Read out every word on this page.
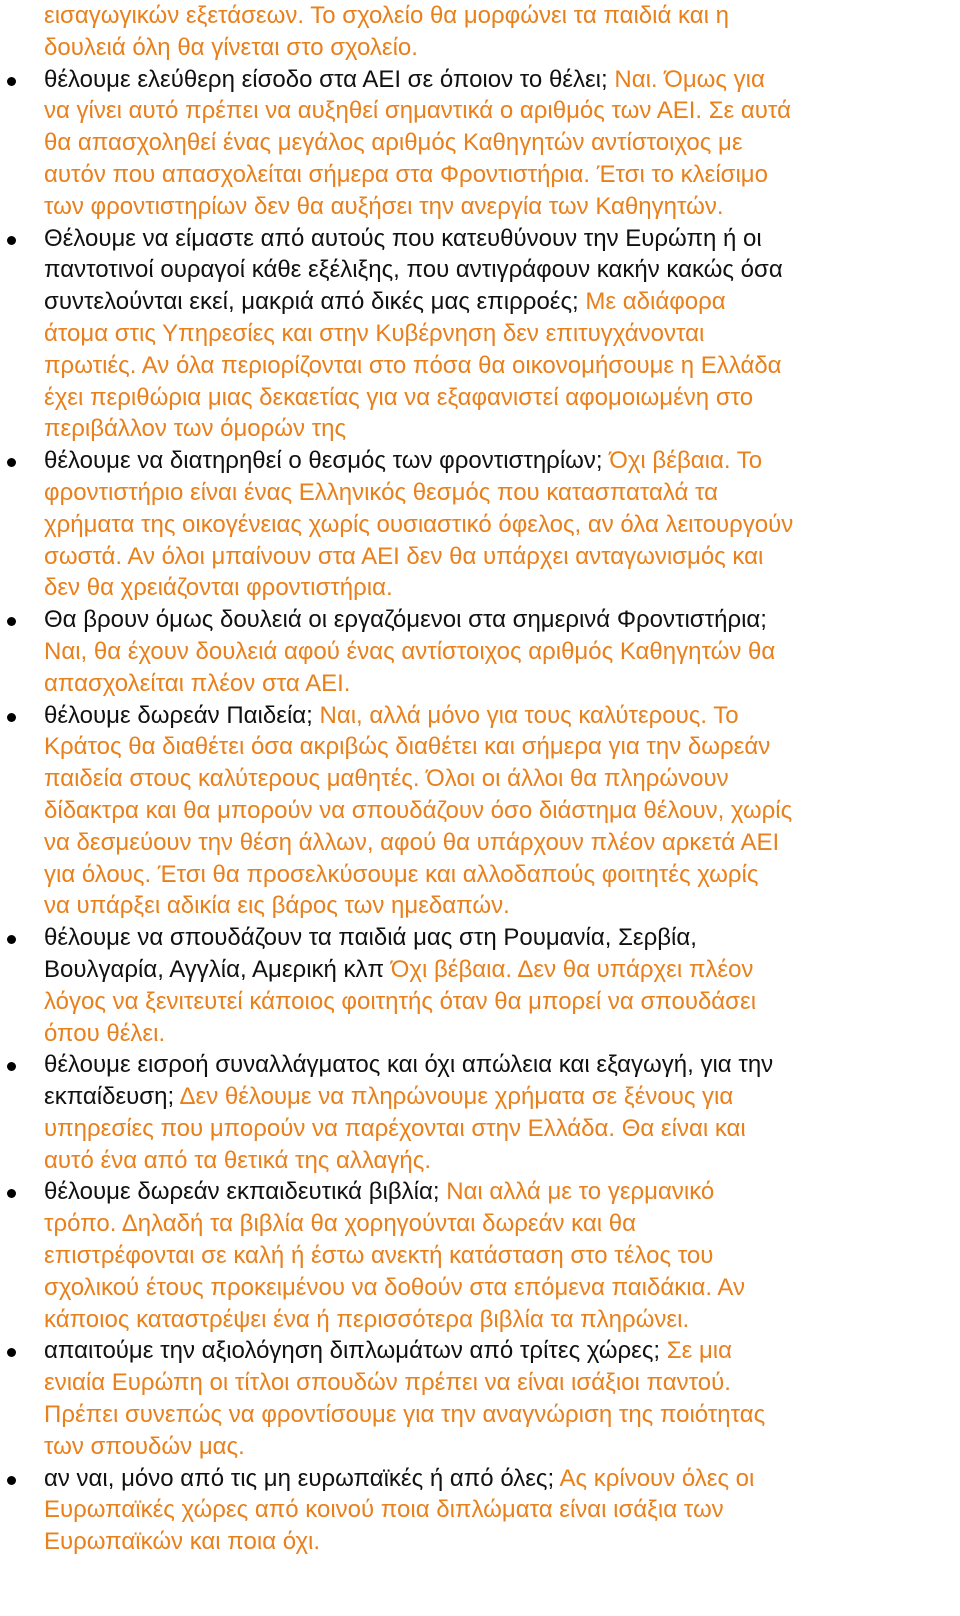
εισαγωγικών εξετάσεων. Το σχολείο θα μορφώνει τα παιδιά και η
δουλειά όλη θα γίνεται στο σχολείο.
θέλουμε ελεύθερη είσοδο στα ΑΕΙ σε όποιον το θέλει; Ναι. Όμως για
να γίνει αυτό πρέπει να αυξηθεί σημαντικά ο αριθμός των ΑΕΙ. Σε αυτά
θα απασχοληθεί ένας μεγάλος αριθμός Καθηγητών αντίστοιχος με
αυτόν που απασχολείται σήμερα στα Φροντιστήρια. Έτσι το κλείσιμο
των φροντιστηρίων δεν θα αυξήσει την ανεργία των Καθηγητών.
Θέλουμε να είμαστε από αυτούς που κατευθύνουν την Ευρώπη ή οι
παντοτινοί ουραγοί κάθε εξέλιξης, που αντιγράφουν κακήν κακώς όσα
συντελούνται εκεί, μακριά από δικές μας επιρροές; Με αδιάφορα
άτομα στις Υπηρεσίες και στην Κυβέρνηση δεν επιτυγχάνονται
πρωτιές. Αν όλα περιορίζονται στο πόσα θα οικονομήσουμε η Ελλάδα
έχει περιθώρια μιας δεκαετίας για να εξαφανιστεί αφομοιωμένη στο
περιβάλλον των όμορών της
θέλουμε να διατηρηθεί ο θεσμός των φροντιστηρίων; Όχι βέβαια. Το
φροντιστήριο είναι ένας Ελληνικός θεσμός που κατασπαταλά τα
χρήματα της οικογένειας χωρίς ουσιαστικό όφελος, αν όλα λειτουργούν
σωστά. Αν όλοι μπαίνουν στα ΑΕΙ δεν θα υπάρχει ανταγωνισμός και
δεν θα χρειάζονται φροντιστήρια.
Θα βρουν όμως δουλειά οι εργαζόμενοι στα σημερινά Φροντιστήρια;
Ναι, θα έχουν δουλειά αφού ένας αντίστοιχος αριθμός Καθηγητών θα
απασχολείται πλέον στα ΑΕΙ.
θέλουμε δωρεάν Παιδεία; Ναι, αλλά μόνο για τους καλύτερους. Το
Κράτος θα διαθέτει όσα ακριβώς διαθέτει και σήμερα για την δωρεάν
παιδεία στους καλύτερους μαθητές. Όλοι οι άλλοι θα πληρώνουν
δίδακτρα και θα μπορούν να σπουδάζουν όσο διάστημα θέλουν, χωρίς
να δεσμεύουν την θέση άλλων, αφού θα υπάρχουν πλέον αρκετά ΑΕΙ
για όλους. Έτσι θα προσελκύσουμε και αλλοδαπούς φοιτητές χωρίς
να υπάρξει αδικία εις βάρος των ημεδαπών.
θέλουμε να σπουδάζουν τα παιδιά μας στη Ρουμανία, Σερβία,
Βουλγαρία, Αγγλία, Αμερική κλπ Όχι βέβαια. Δεν θα υπάρχει πλέον
λόγος να ξενιτευτεί κάποιος φοιτητής όταν θα μπορεί να σπουδάσει
όπου θέλει.
θέλουμε εισροή συναλλάγματος και όχι απώλεια και εξαγωγή, για την
εκπαίδευση; Δεν θέλουμε να πληρώνουμε χρήματα σε ξένους για
υπηρεσίες που μπορούν να παρέχονται στην Ελλάδα. Θα είναι και
αυτό ένα από τα θετικά της αλλαγής.
θέλουμε δωρεάν εκπαιδευτικά βιβλία; Ναι αλλά με το γερμανικό
τρόπο. Δηλαδή τα βιβλία θα χορηγούνται δωρεάν και θα
επιστρέφονται σε καλή ή έστω ανεκτή κατάσταση στο τέλος του
σχολικού έτους προκειμένου να δοθούν στα επόμενα παιδάκια. Αν
κάποιος καταστρέψει ένα ή περισσότερα βιβλία τα πληρώνει.
απαιτούμε την αξιολόγηση διπλωμάτων από τρίτες χώρες; Σε μια
ενιαία Ευρώπη οι τίτλοι σπουδών πρέπει να είναι ισάξιοι παντού.
Πρέπει συνεπώς να φροντίσουμε για την αναγνώριση της ποιότητας
των σπουδών μας.
αν ναι, μόνο από τις μη ευρωπαϊκές ή από όλες; Ας κρίνουν όλες οι
Ευρωπαϊκές χώρες από κοινού ποια διπλώματα είναι ισάξια των
Ευρωπαϊκών και ποια όχι.
